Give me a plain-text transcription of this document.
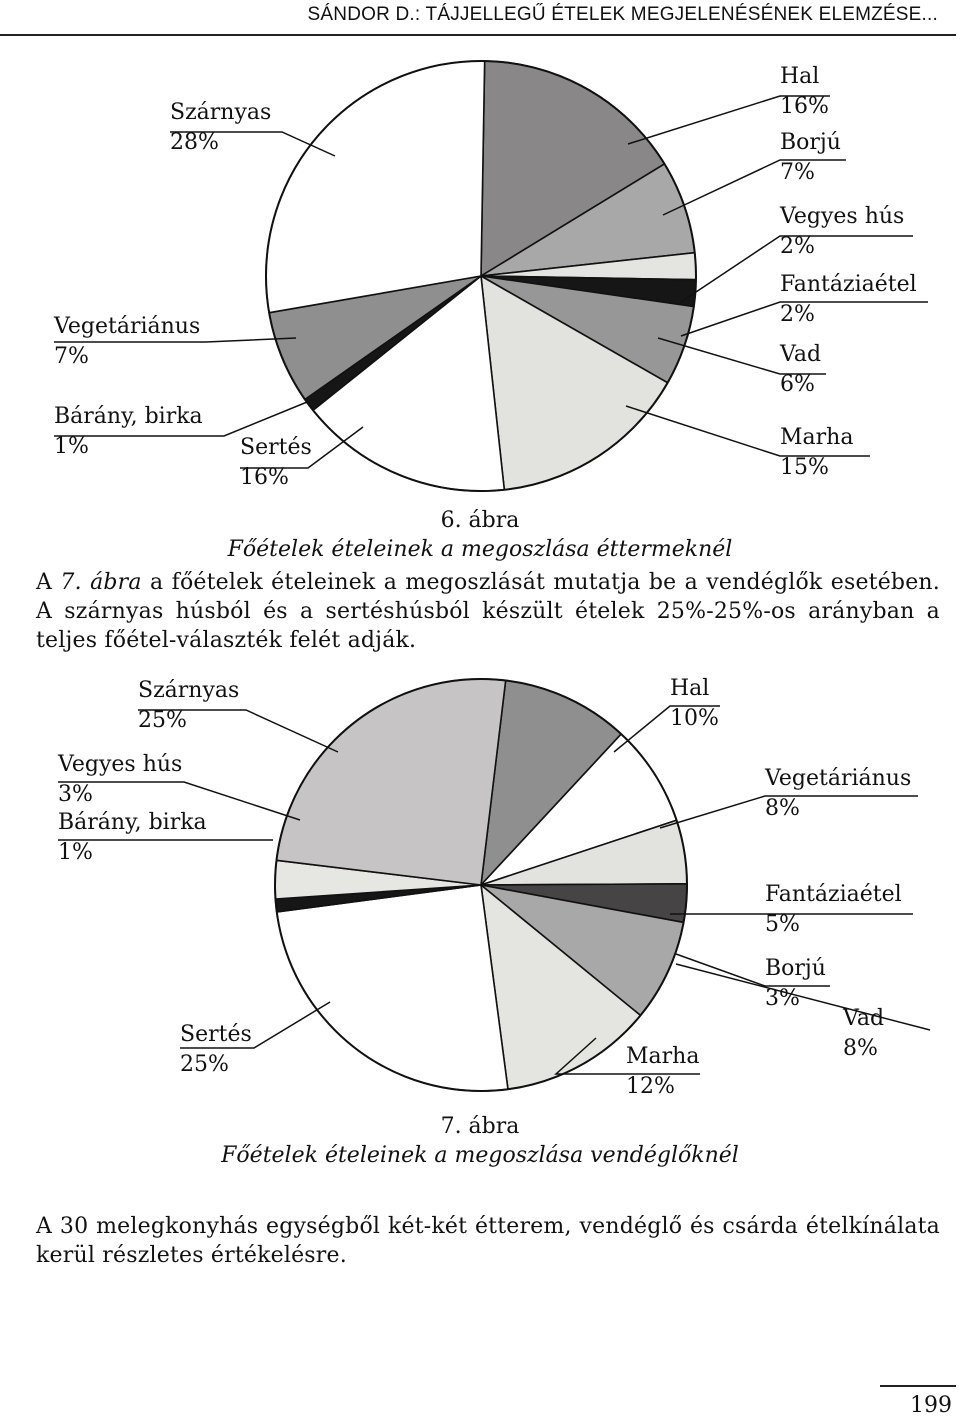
SÁNDOR D.: TÁJJELLEGŰ ÉTELEK MEGJELENÉSÉNEK ELEMZÉSE...
Hal
16%
Borjú
7%
Vegyes hús
2%
Fantáziaétel
2%
Vad
6%
Marha
15%
Sertés
16%
Bárány, birka
1%
Vegetáriánus
7%
Szárnyas
28%
6. ábra
Főételek ételeinek a megoszlása éttermeknél

A 7. ábra a főételek ételeinek a megoszlását mutatja be a vendéglők esetében. A szárnyas húsból és a sertéshúsból készült ételek 25%-25%-os arányban a teljes főétel-választék felét adják.

Hal
10%
Vegetáriánus
8%
Fantáziaétel
5%
Borjú
3%
Vad
8%
Marha
12%
Sertés
25%
Bárány, birka
1%
Vegyes hús
3%
Szárnyas
25%
7. ábra
Főételek ételeinek a megoszlása vendéglőknél

A 30 melegkonyhás egységből két-két étterem, vendéglő és csárda ételkínálata kerül részletes értékelésre.

199
